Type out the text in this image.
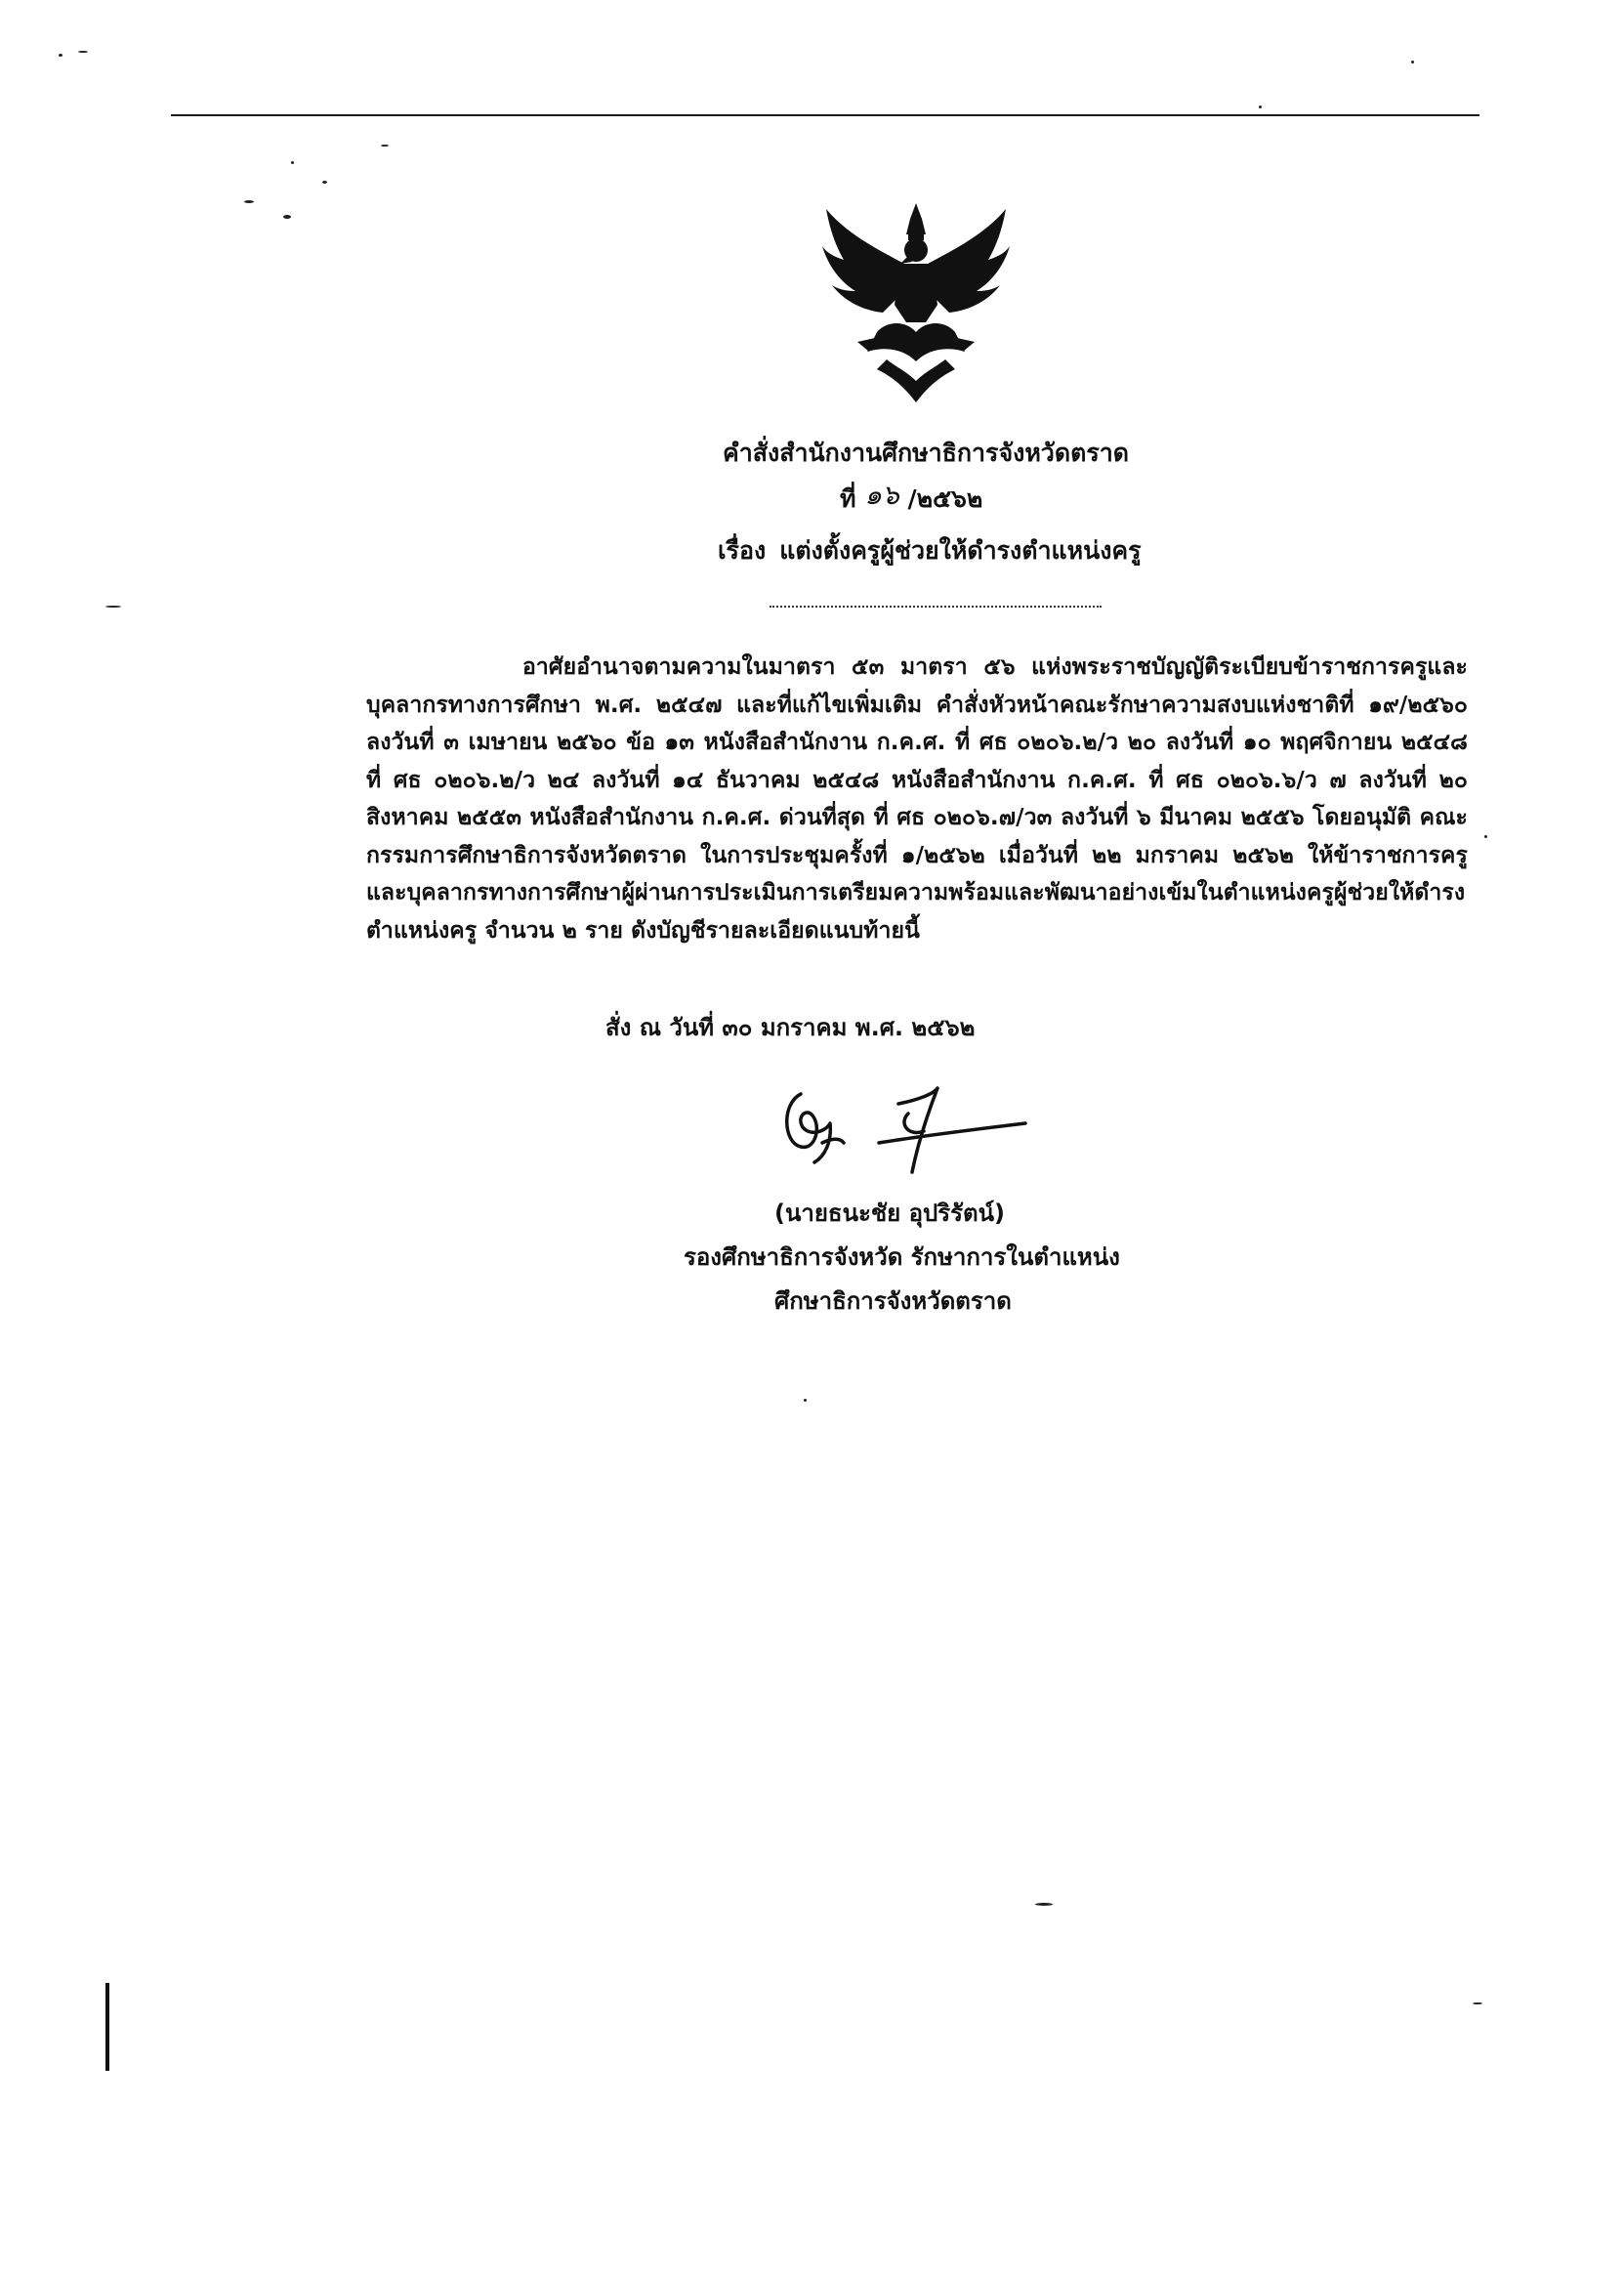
คำสั่งสำนักงานศึกษาธิการจังหวัดตราด
ที่ ๑๖ /๒๕๖๒
เรื่อง แต่งตั้งครูผู้ช่วยให้ดำรงตำแหน่งครู
อาศัยอำนาจตามความในมาตรา ๕๓ มาตรา ๕๖ แห่งพระราชบัญญัติระเบียบข้าราชการครูและบุคลากรทางการศึกษา พ.ศ. ๒๕๔๗ และที่แก้ไขเพิ่มเติม คำสั่งหัวหน้าคณะรักษาความสงบแห่งชาติที่ ๑๙/๒๕๖๐ ลงวันที่ ๓ เมษายน ๒๕๖๐ ข้อ ๑๓ หนังสือสำนักงาน ก.ค.ศ. ที่ ศธ ๐๒๐๖.๒/ว ๒๐ ลงวันที่ ๑๐ พฤศจิกายน ๒๕๔๘ ที่ ศธ ๐๒๐๖.๒/ว ๒๔ ลงวันที่ ๑๔ ธันวาคม ๒๕๔๘ หนังสือสำนักงาน ก.ค.ศ. ที่ ศธ ๐๒๐๖.๖/ว ๗ ลงวันที่ ๒๐ สิงหาคม ๒๕๕๓ หนังสือสำนักงาน ก.ค.ศ. ด่วนที่สุด ที่ ศธ ๐๒๐๖.๗/ว๓ ลงวันที่ ๖ มีนาคม ๒๕๕๖ โดยอนุมัติ คณะกรรมการศึกษาธิการจังหวัดตราด ในการประชุมครั้งที่ ๑/๒๕๖๒ เมื่อวันที่ ๒๒ มกราคม ๒๕๖๒ ให้ข้าราชการครูและบุคลากรทางการศึกษาผู้ผ่านการประเมินการเตรียมความพร้อมและพัฒนาอย่างเข้มในตำแหน่งครูผู้ช่วยให้ดำรงตำแหน่งครู จำนวน ๒ ราย ดังบัญชีรายละเอียดแนบท้ายนี้
สั่ง ณ วันที่ ๓๐ มกราคม พ.ศ. ๒๕๖๒
(นายธนะชัย อุปริรัตน์)
รองศึกษาธิการจังหวัด รักษาการในตำแหน่ง
ศึกษาธิการจังหวัดตราด
